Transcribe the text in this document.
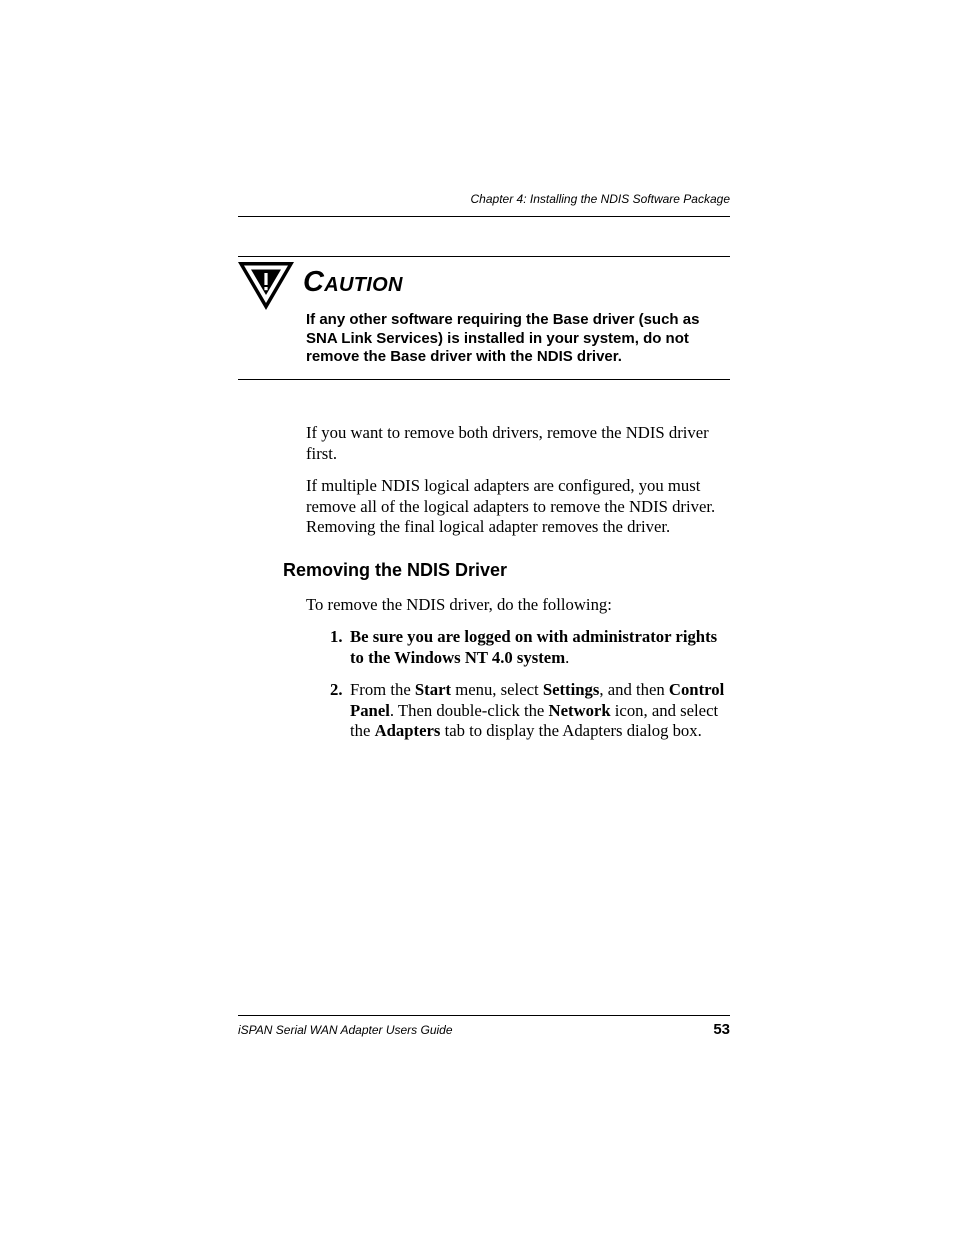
Chapter 4: Installing the NDIS Software Package
CAUTION
If any other software requiring the Base driver (such as SNA Link Services) is installed in your system, do not remove the Base driver with the NDIS driver.

If you want to remove both drivers, remove the NDIS driver first.

If multiple NDIS logical adapters are configured, you must remove all of the logical adapters to remove the NDIS driver. Removing the final logical adapter removes the driver.

Removing the NDIS Driver

To remove the NDIS driver, do the following:

1. Be sure you are logged on with administrator rights to the Windows NT 4.0 system.
2. From the Start menu, select Settings, and then Control Panel. Then double-click the Network icon, and select the Adapters tab to display the Adapters dialog box.
iSPAN Serial WAN Adapter Users Guide	53
